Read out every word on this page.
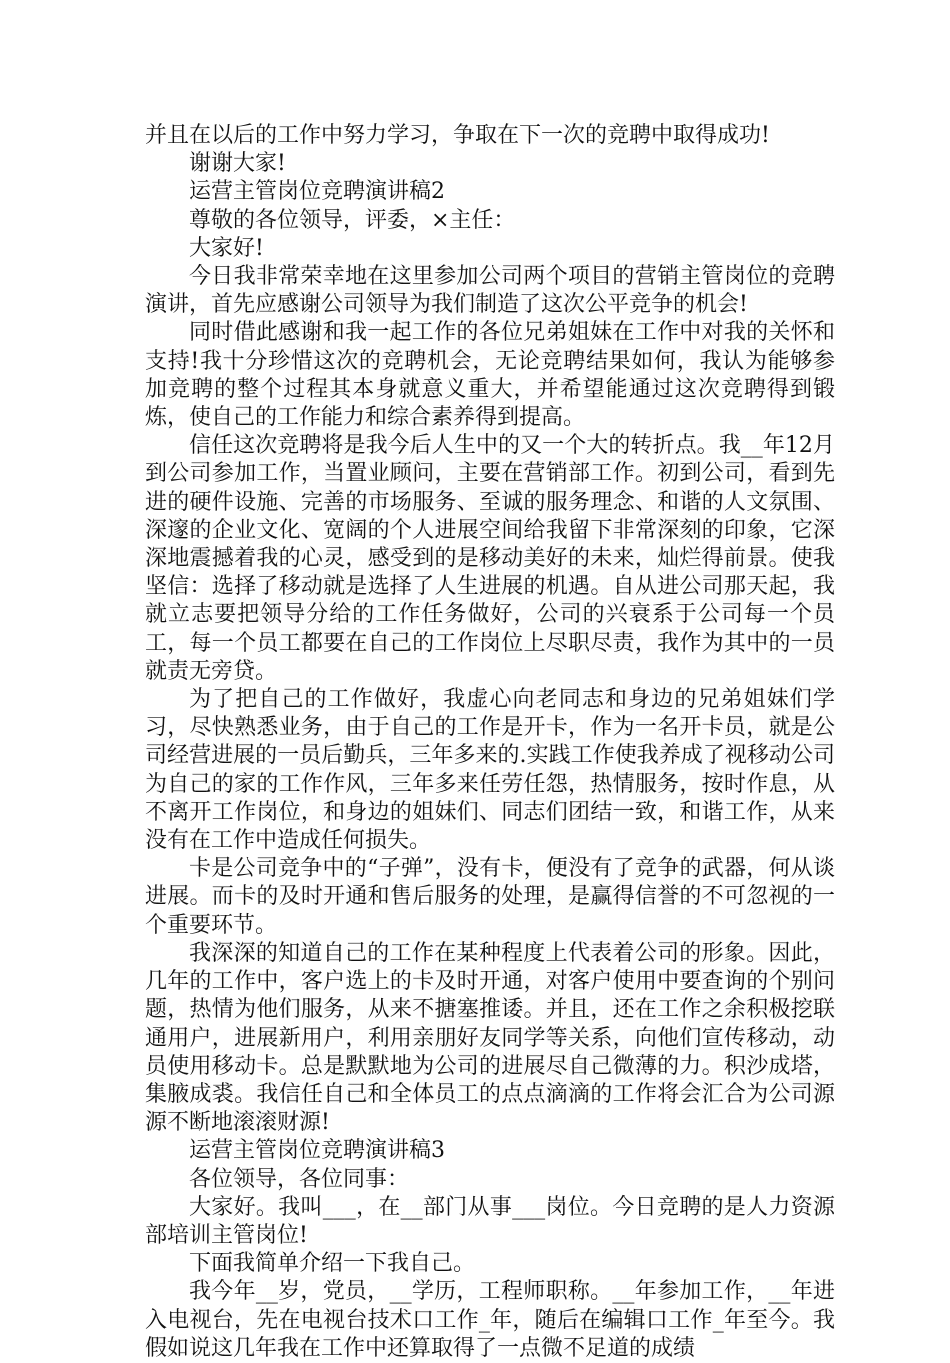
并且在以后的工作中努力学习，争取在下一次的竞聘中取得成功!

谢谢大家!

运营主管岗位竞聘演讲稿2

尊敬的各位领导，评委，×主任：

大家好!

今日我非常荣幸地在这里参加公司两个项目的营销主管岗位的竞聘演讲，首先应感谢公司领导为我们制造了这次公平竞争的机会!

同时借此感谢和我一起工作的各位兄弟姐妹在工作中对我的关怀和支持!我十分珍惜这次的竞聘机会，无论竞聘结果如何，我认为能够参加竞聘的整个过程其本身就意义重大，并希望能通过这次竞聘得到锻炼，使自己的工作能力和综合素养得到提高。

信任这次竞聘将是我今后人生中的又一个大的转折点。我__年12月到公司参加工作，当置业顾问，主要在营销部工作。初到公司，看到先进的硬件设施、完善的市场服务、至诚的服务理念、和谐的人文氛围、深邃的企业文化、宽阔的个人进展空间给我留下非常深刻的印象，它深深地震撼着我的心灵，感受到的是移动美好的未来，灿烂得前景。使我坚信：选择了移动就是选择了人生进展的机遇。自从进公司那天起，我就立志要把领导分给的工作任务做好，公司的兴衰系于公司每一个员工，每一个员工都要在自己的工作岗位上尽职尽责，我作为其中的一员就责无旁贷。

为了把自己的工作做好，我虚心向老同志和身边的兄弟姐妹们学习，尽快熟悉业务，由于自己的工作是开卡，作为一名开卡员，就是公司经营进展的一员后勤兵，三年多来的.实践工作使我养成了视移动公司为自己的家的工作作风，三年多来任劳任怨，热情服务，按时作息，从不离开工作岗位，和身边的姐妹们、同志们团结一致，和谐工作，从来没有在工作中造成任何损失。

卡是公司竞争中的“子弹”，没有卡，便没有了竞争的武器，何从谈进展。而卡的及时开通和售后服务的处理，是赢得信誉的不可忽视的一个重要环节。

我深深的知道自己的工作在某种程度上代表着公司的形象。因此，几年的工作中，客户选上的卡及时开通，对客户使用中要查询的个别问题，热情为他们服务，从来不搪塞推诿。并且，还在工作之余积极挖联通用户，进展新用户，利用亲朋好友同学等关系，向他们宣传移动，动员使用移动卡。总是默默地为公司的进展尽自己微薄的力。积沙成塔，集腋成裘。我信任自己和全体员工的点点滴滴的工作将会汇合为公司源源不断地滚滚财源!

运营主管岗位竞聘演讲稿3

各位领导，各位同事：

大家好。我叫___，在__部门从事___岗位。今日竞聘的是人力资源部培训主管岗位!

下面我简单介绍一下我自己。

我今年__岁，党员，__学历，工程师职称。__年参加工作，__年进入电视台，先在电视台技术口工作_年，随后在编辑口工作_年至今。我假如说这几年我在工作中还算取得了一点微不足道的成绩
